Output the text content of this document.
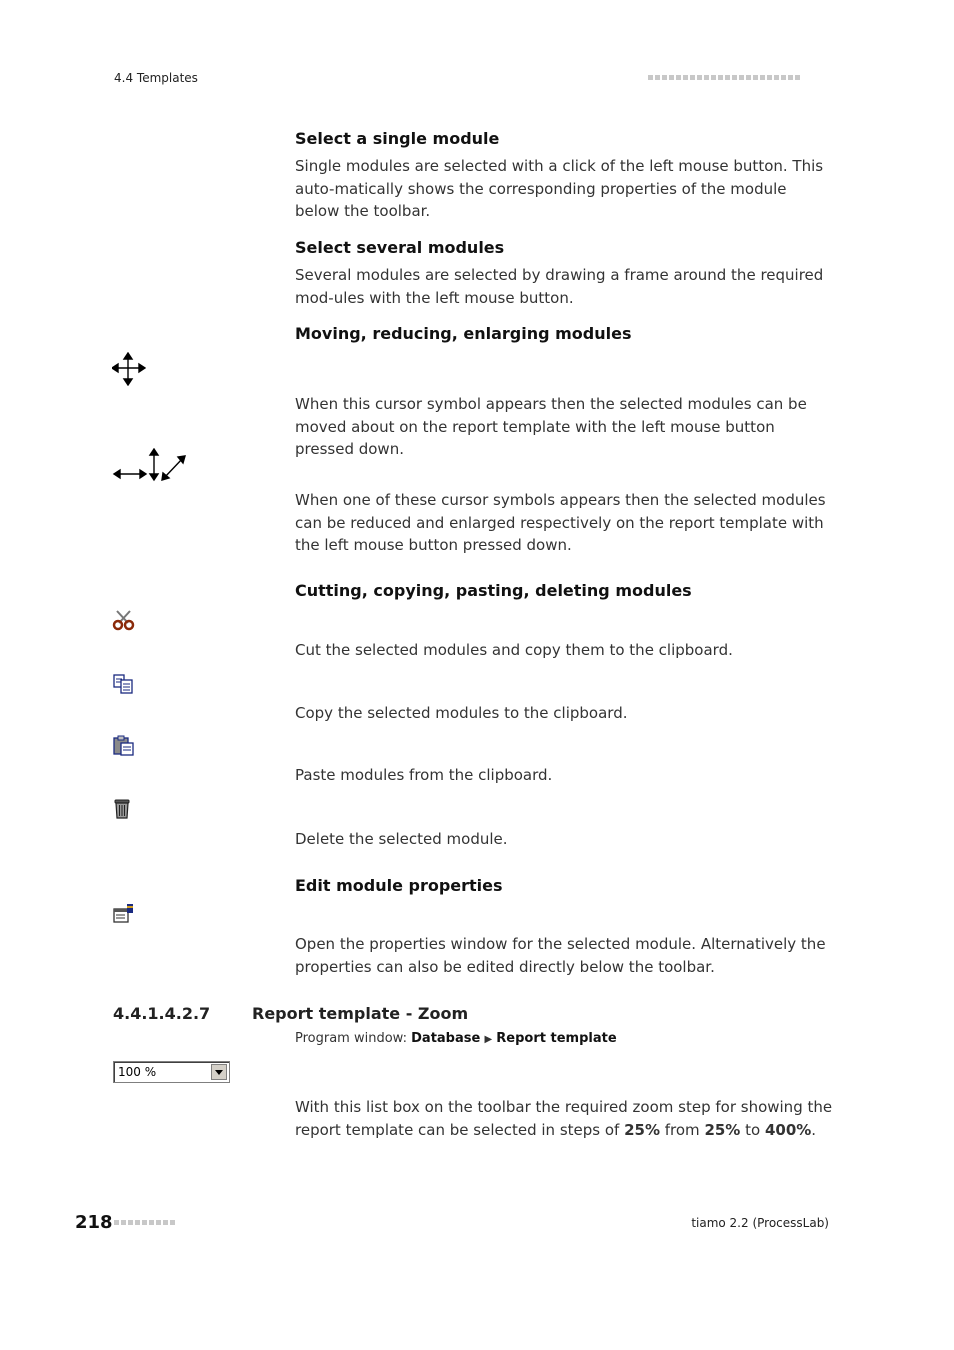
4.4 Templates
Select a single module

Single modules are selected with a click of the left mouse button. This auto-matically shows the corresponding properties of the module below the toolbar.

Select several modules

Several modules are selected by drawing a frame around the required mod-ules with the left mouse button.

Moving, reducing, enlarging modules

When this cursor symbol appears then the selected modules can be moved about on the report template with the left mouse button pressed down.

When one of these cursor symbols appears then the selected modules can be reduced and enlarged respectively on the report template with the left mouse button pressed down.

Cutting, copying, pasting, deleting modules

Cut the selected modules and copy them to the clipboard.

Copy the selected modules to the clipboard.

Paste modules from the clipboard.

Delete the selected module.

Edit module properties

Open the properties window for the selected module. Alternatively the properties can also be edited directly below the toolbar.

4.4.1.4.2.7	Report template - Zoom
Program window: Database ▶ Report template
100 %

With this list box on the toolbar the required zoom step for showing the report template can be selected in steps of 25% from 25% to 400%.

218	tiamo 2.2 (ProcessLab)
